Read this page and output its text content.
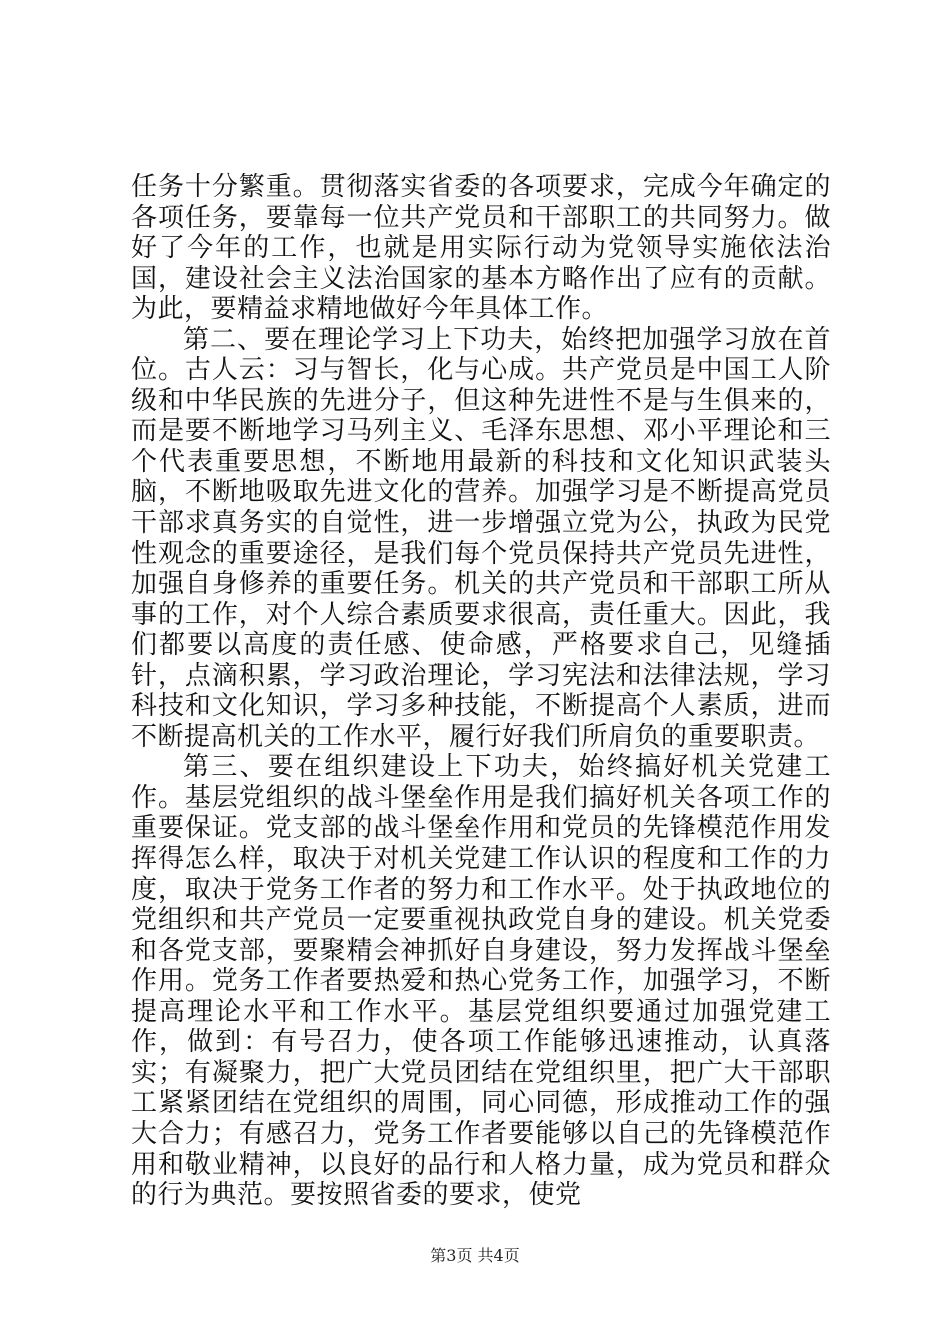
任务十分繁重。贯彻落实省委的各项要求，完成今年确定的各项任务，要靠每一位共产党员和干部职工的共同努力。做好了今年的工作，也就是用实际行动为党领导实施依法治国，建设社会主义法治国家的基本方略作出了应有的贡献。为此，要精益求精地做好今年具体工作。

第二、要在理论学习上下功夫，始终把加强学习放在首位。古人云：习与智长，化与心成。共产党员是中国工人阶级和中华民族的先进分子，但这种先进性不是与生俱来的，而是要不断地学习马列主义、毛泽东思想、邓小平理论和三个代表重要思想，不断地用最新的科技和文化知识武装头脑，不断地吸取先进文化的营养。加强学习是不断提高党员干部求真务实的自觉性，进一步增强立党为公，执政为民党性观念的重要途径，是我们每个党员保持共产党员先进性，加强自身修养的重要任务。机关的共产党员和干部职工所从事的工作，对个人综合素质要求很高，责任重大。因此，我们都要以高度的责任感、使命感，严格要求自己，见缝插针，点滴积累，学习政治理论，学习宪法和法律法规，学习科技和文化知识，学习多种技能，不断提高个人素质，进而不断提高机关的工作水平，履行好我们所肩负的重要职责。

第三、要在组织建设上下功夫，始终搞好机关党建工作。基层党组织的战斗堡垒作用是我们搞好机关各项工作的重要保证。党支部的战斗堡垒作用和党员的先锋模范作用发挥得怎么样，取决于对机关党建工作认识的程度和工作的力度，取决于党务工作者的努力和工作水平。处于执政地位的党组织和共产党员一定要重视执政党自身的建设。机关党委和各党支部，要聚精会神抓好自身建设，努力发挥战斗堡垒作用。党务工作者要热爱和热心党务工作，加强学习，不断提高理论水平和工作水平。基层党组织要通过加强党建工作，做到：有号召力，使各项工作能够迅速推动，认真落实；有凝聚力，把广大党员团结在党组织里，把广大干部职工紧紧团结在党组织的周围，同心同德，形成推动工作的强大合力；有感召力，党务工作者要能够以自己的先锋模范作用和敬业精神，以良好的品行和人格力量，成为党员和群众的行为典范。要按照省委的要求，使党

第3页 共4页
